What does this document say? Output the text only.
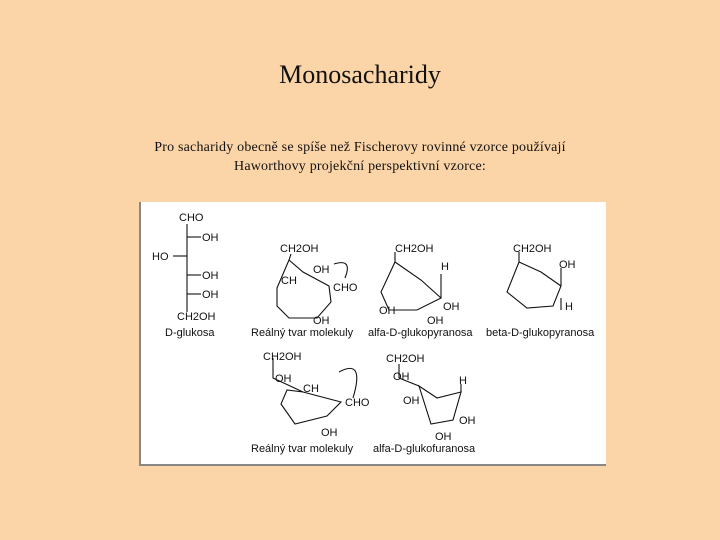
Monosacharidy
Pro sacharidy obecně se spíše než Fischerovy rovinné vzorce používají
Haworthovy projekční perspektivní vzorce:
CHO
OH
HO
OH
OH
CH2OH
D-glukosa
CH2OH
OH
CH
CHO
OH
Reálný tvar molekuly
CH2OH
H
OH	OH
OH
alfa-D-glukopyranosa
CH2OH
OH
H
beta-D-glukopyranosa
CH2OH
OH
CH
CHO
OH
Reálný tvar molekuly
CH2OH
OH	H
OH
OH
OH
alfa-D-glukofuranosa
